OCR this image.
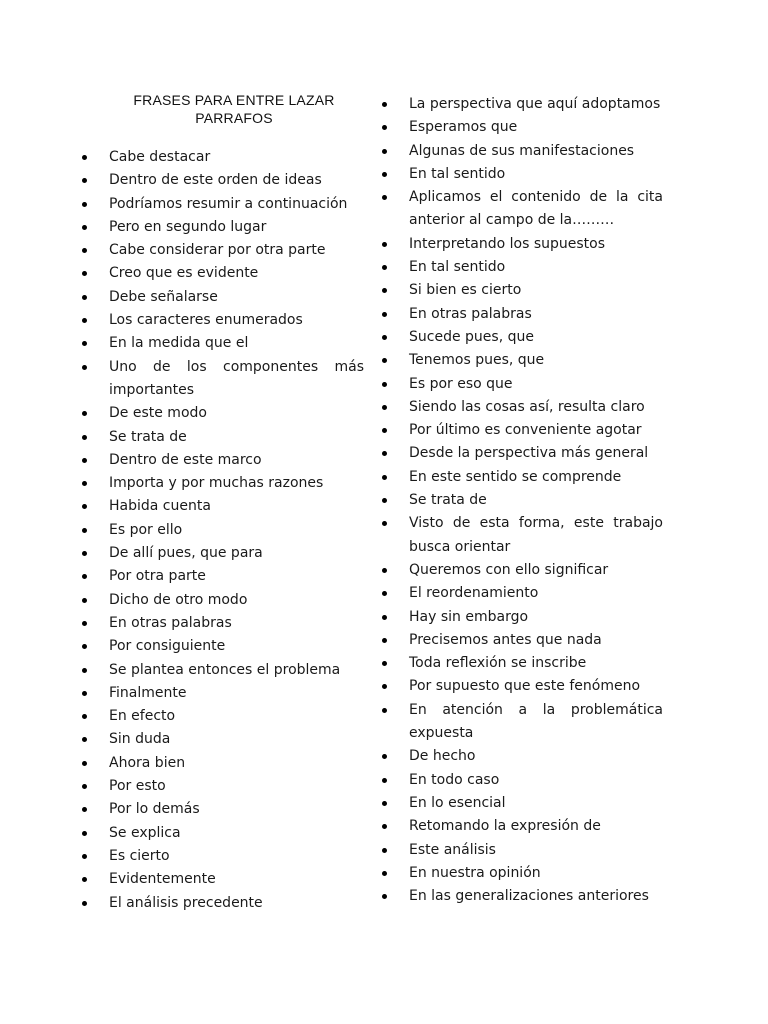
FRASES PARA ENTRE LAZAR
PARRAFOS
Cabe destacar
Dentro de este orden de ideas
Podríamos resumir a continuación
Pero en segundo lugar
Cabe considerar por otra parte
Creo que es evidente
Debe señalarse
Los caracteres enumerados
En la medida que el
Uno de los componentes más importantes
De este modo
Se trata de
Dentro de este marco
Importa y por muchas razones
Habida cuenta
Es por ello
De allí pues, que para
Por otra parte
Dicho de otro modo
En otras palabras
Por consiguiente
Se plantea entonces el problema
Finalmente
En efecto
Sin duda
Ahora bien
Por esto
Por lo demás
Se explica
Es cierto
Evidentemente
El análisis precedente
La perspectiva que aquí adoptamos
Esperamos que
Algunas de sus manifestaciones
En tal sentido
Aplicamos el contenido de la cita anterior al campo de la………
Interpretando los supuestos
En tal sentido
Si bien es cierto
En otras palabras
Sucede pues, que
Tenemos pues, que
Es por eso que
Siendo las cosas así, resulta claro
Por último es conveniente agotar
Desde la perspectiva más general
En este sentido se comprende
Se trata de
Visto de esta forma, este trabajo busca orientar
Queremos con ello significar
El reordenamiento
Hay sin embargo
Precisemos antes que nada
Toda reflexión se inscribe
Por supuesto que este fenómeno
En atención a la problemática expuesta
De hecho
En todo caso
En lo esencial
Retomando la expresión de
Este análisis
En nuestra opinión
En las generalizaciones anteriores
